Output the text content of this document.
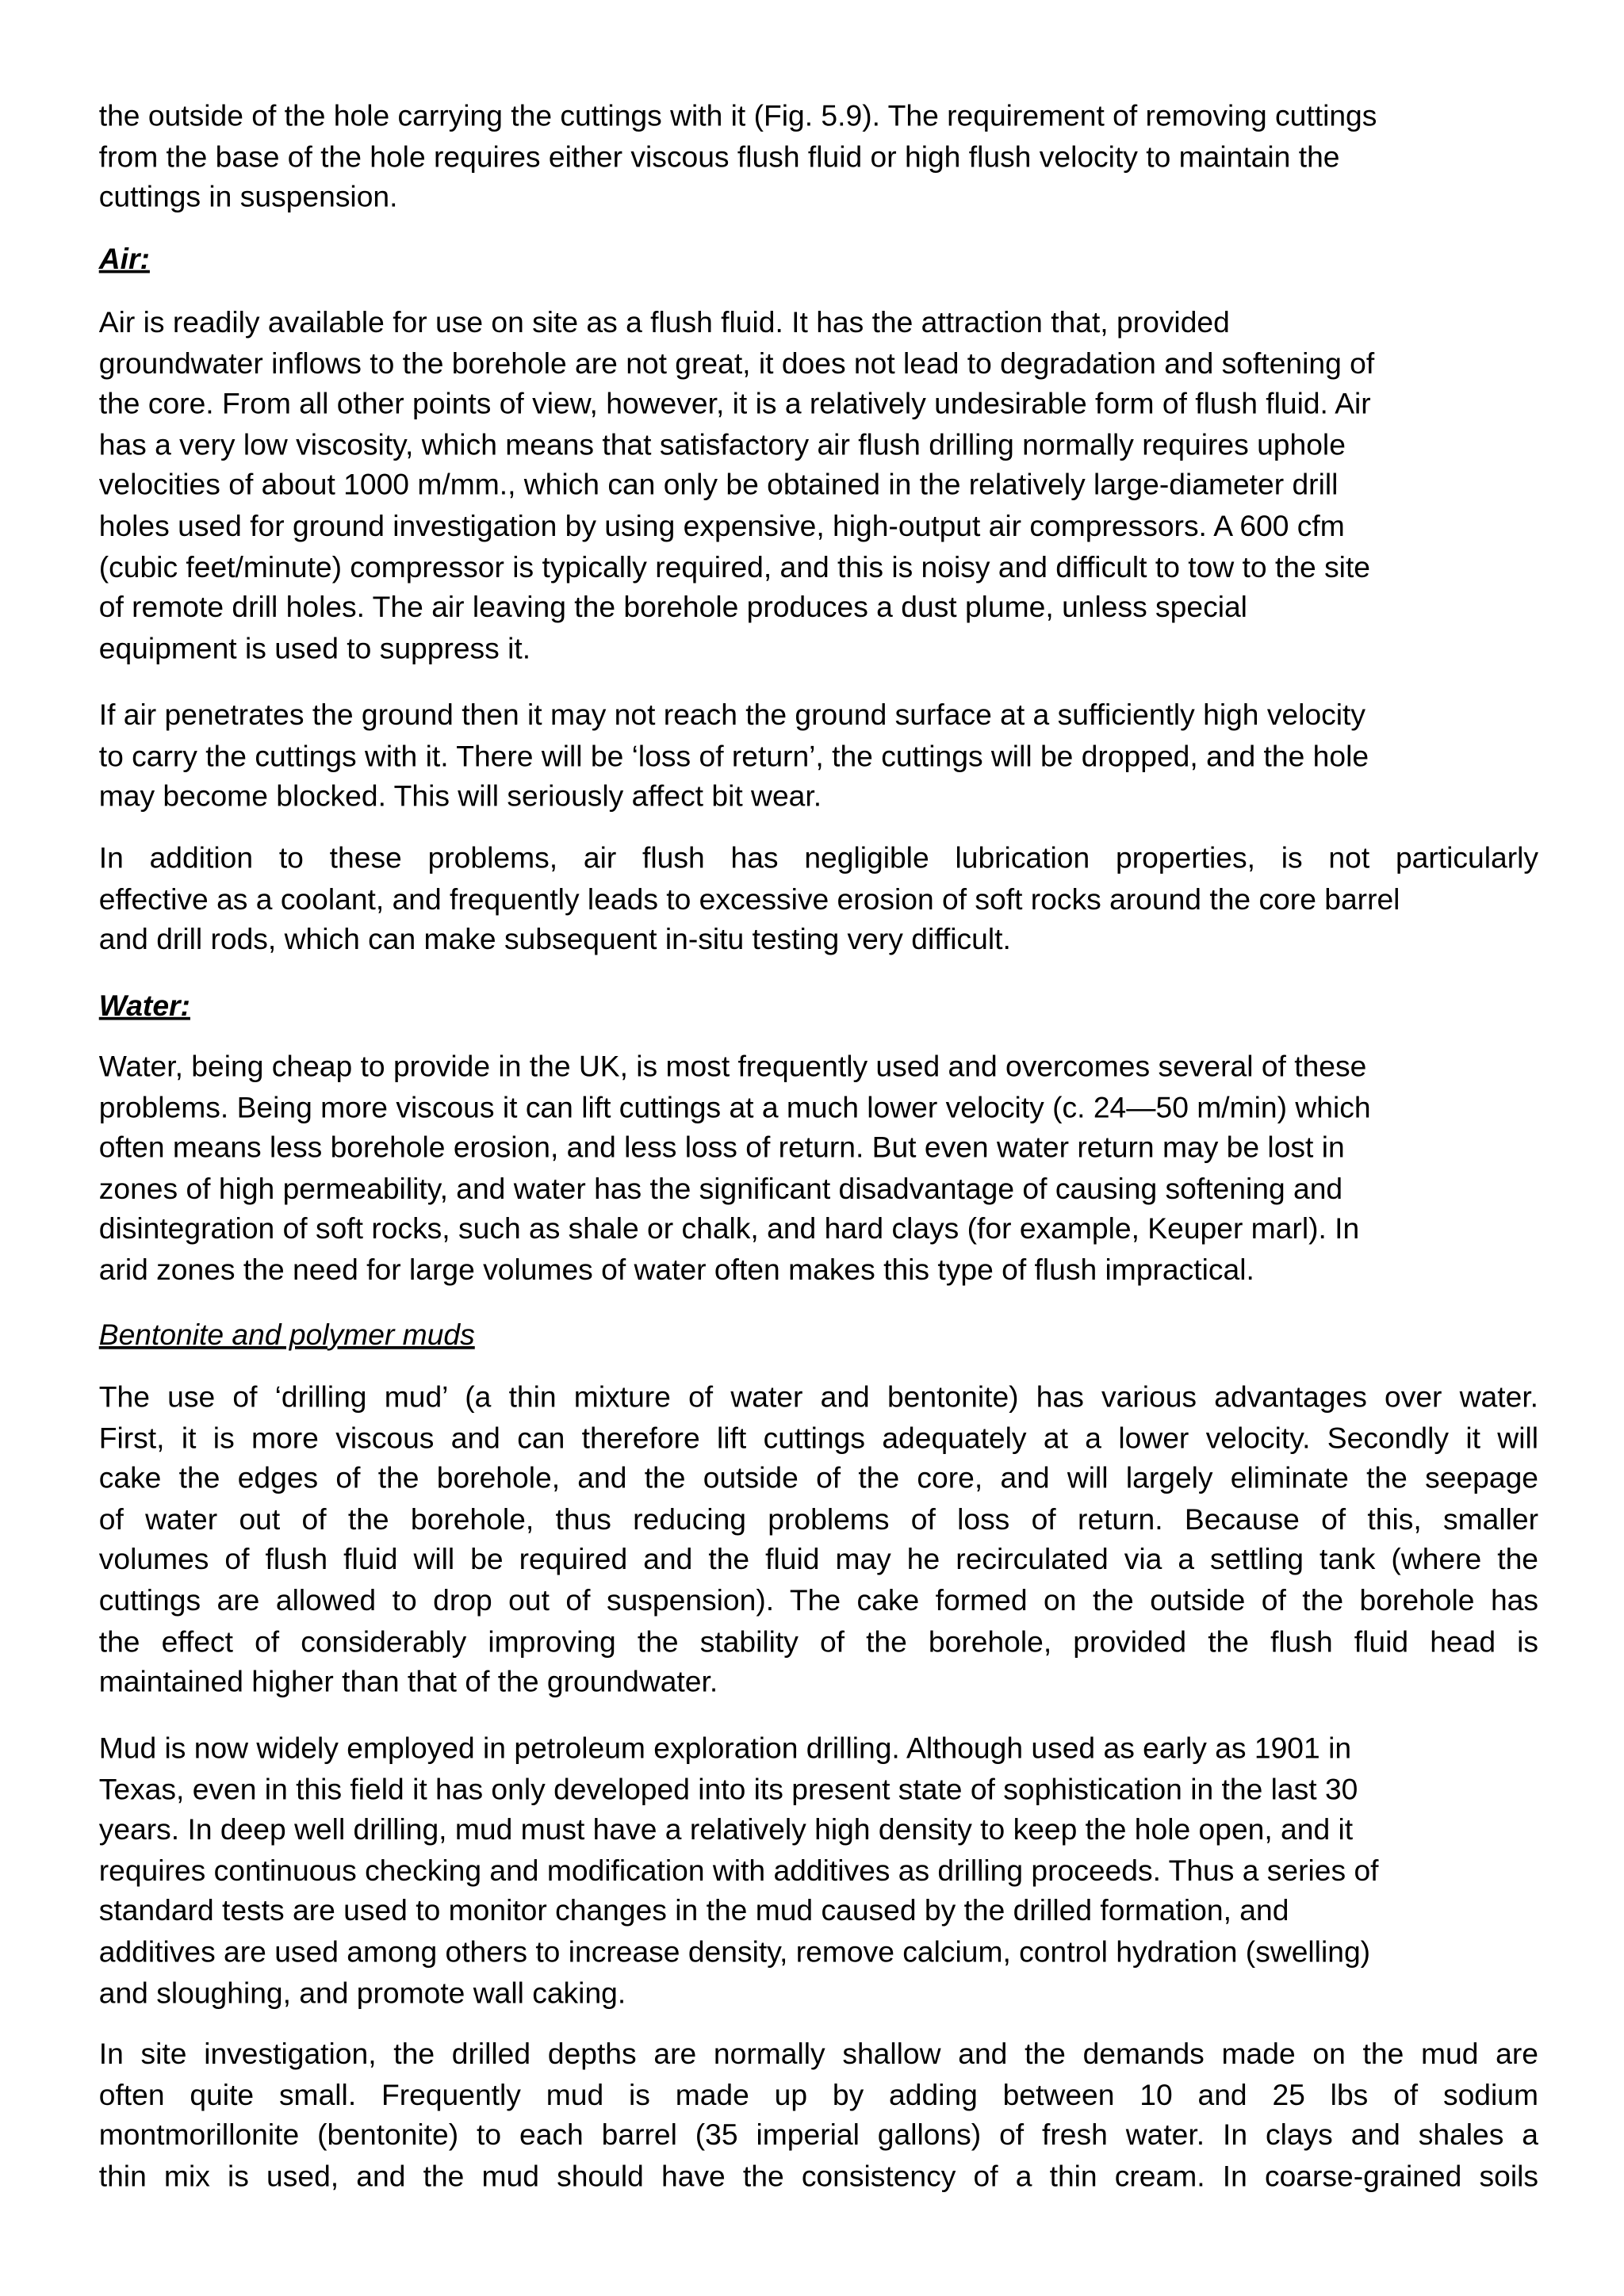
the outside of the hole carrying the cuttings with it (Fig. 5.9). The requirement of removing cuttings
from the base of the hole requires either viscous flush fluid or high flush velocity to maintain the
cuttings in suspension.
Air:
Air is readily available for use on site as a flush fluid. It has the attraction that, provided
groundwater inflows to the borehole are not great, it does not lead to degradation and softening of
the core. From all other points of view, however, it is a relatively undesirable form of flush fluid. Air
has a very low viscosity, which means that satisfactory air flush drilling normally requires uphole
velocities of about 1000 m/mm., which can only be obtained in the relatively large-diameter drill
holes used for ground investigation by using expensive, high-output air compressors. A 600 cfm
(cubic feet/minute) compressor is typically required, and this is noisy and difficult to tow to the site
of remote drill holes. The air leaving the borehole produces a dust plume, unless special
equipment is used to suppress it.
If air penetrates the ground then it may not reach the ground surface at a sufficiently high velocity
to carry the cuttings with it. There will be ‘loss of return’, the cuttings will be dropped, and the hole
may become blocked. This will seriously affect bit wear.
In addition to these problems, air flush has negligible lubrication properties, is not particularly
effective as a coolant, and frequently leads to excessive erosion of soft rocks around the core barrel
and drill rods, which can make subsequent in-situ testing very difficult.
Water:
Water, being cheap to provide in the UK, is most frequently used and overcomes several of these
problems. Being more viscous it can lift cuttings at a much lower velocity (c. 24—50 m/min) which
often means less borehole erosion, and less loss of return. But even water return may be lost in
zones of high permeability, and water has the significant disadvantage of causing softening and
disintegration of soft rocks, such as shale or chalk, and hard clays (for example, Keuper marl). In
arid zones the need for large volumes of water often makes this type of flush impractical.
Bentonite and polymer muds
The use of ‘drilling mud’ (a thin mixture of water and bentonite) has various advantages over water.
First, it is more viscous and can therefore lift cuttings adequately at a lower velocity. Secondly it will
cake the edges of the borehole, and the outside of the core, and will largely eliminate the seepage
of water out of the borehole, thus reducing problems of loss of return. Because of this, smaller
volumes of flush fluid will be required and the fluid may he recirculated via a settling tank (where the
cuttings are allowed to drop out of suspension). The cake formed on the outside of the borehole has
the effect of considerably improving the stability of the borehole, provided the flush fluid head is
maintained higher than that of the groundwater.
Mud is now widely employed in petroleum exploration drilling. Although used as early as 1901 in
Texas, even in this field it has only developed into its present state of sophistication in the last 30
years. In deep well drilling, mud must have a relatively high density to keep the hole open, and it
requires continuous checking and modification with additives as drilling proceeds. Thus a series of
standard tests are used to monitor changes in the mud caused by the drilled formation, and
additives are used among others to increase density, remove calcium, control hydration (swelling)
and sloughing, and promote wall caking.
In site investigation, the drilled depths are normally shallow and the demands made on the mud are
often quite small. Frequently mud is made up by adding between 10 and 25 lbs of sodium
montmorillonite (bentonite) to each barrel (35 imperial gallons) of fresh water. In clays and shales a
thin mix is used, and the mud should have the consistency of a thin cream. In coarse-grained soils
